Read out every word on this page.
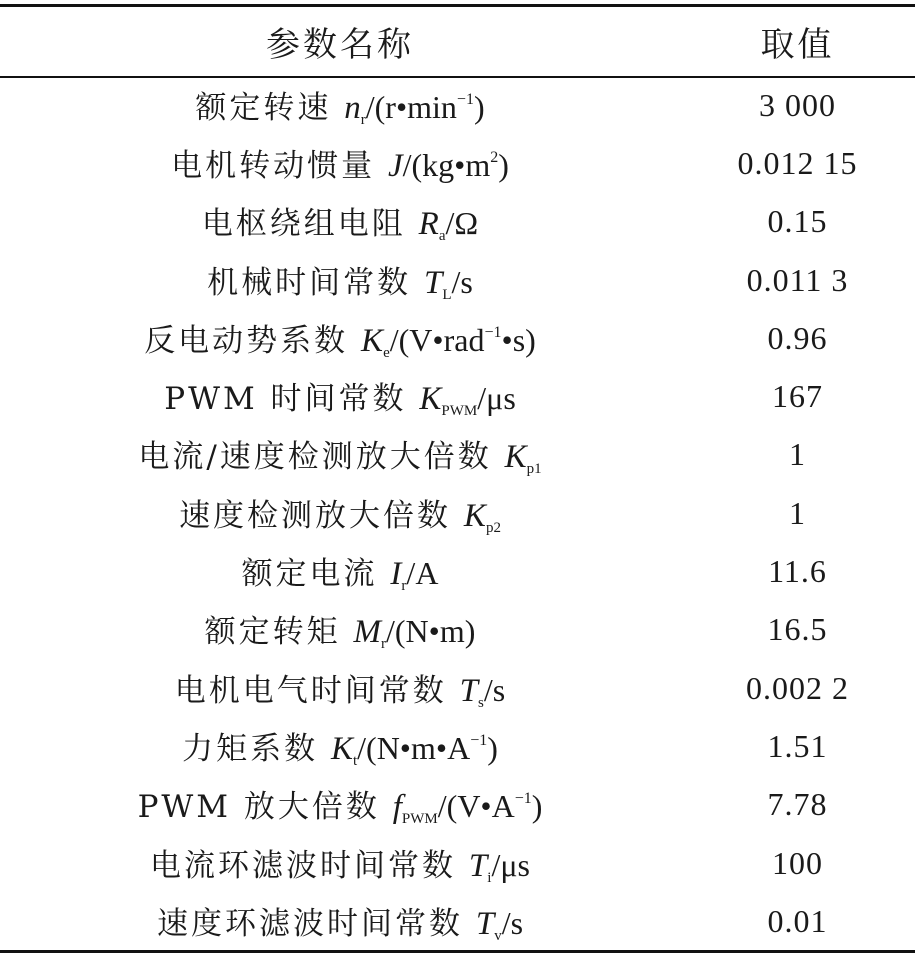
参数名称	取值
额定转速 $n_r/(r•\min^{-1})$	3 000
电机转动惯量 $J/(kg•m^2)$	0.012 15
电枢绕组电阻 $R_a/\Omega$	0.15
机械时间常数 $T_L/s$	0.011 3
反电动势系数 $K_e/(V•rad^{-1}•s)$	0.96
PWM 时间常数 $K_{PWM}/\mu s$	167
电流/速度检测放大倍数 $K_{p1}$	1
速度检测放大倍数 $K_{p2}$	1
额定电流 $I_r/A$	11.6
额定转矩 $M_r/(N•m)$	16.5
电机电气时间常数 $T_s/s$	0.002 2
力矩系数 $K_t/(N•m•A^{-1})$	1.51
PWM 放大倍数 $f_{PWM}/(V•A^{-1})$	7.78
电流环滤波时间常数 $T_i/\mu s$	100
速度环滤波时间常数 $T_v/s$	0.01
